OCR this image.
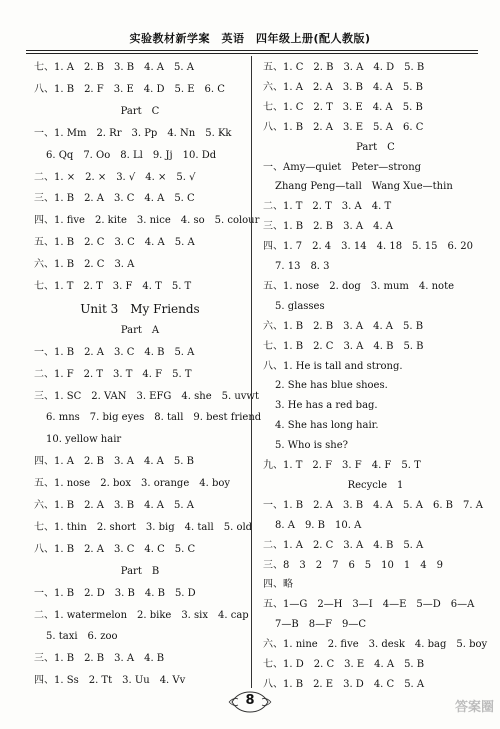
实验教材新学案　英语　四年级上册(配人教版)
七、1. A　2. B　3. B　4. A　5. A
八、1. B　2. F　3. E　4. D　5. E　6. C
Part　C
一、1. Mm　2. Rr　3. Pp　4. Nn　5. Kk
6. Qq　7. Oo　8. Ll　9. Jj　10. Dd
二、1. ×　2. ×　3. √　4. ×　5. √
三、1. B　2. A　3. C　4. A　5. C
四、1. five　2. kite　3. nice　4. so　5. colour
五、1. B　2. C　3. C　4. A　5. A
六、1. B　2. C　3. A
七、1. T　2. T　3. F　4. T　5. T
Unit 3　My Friends
Part　A
一、1. B　2. A　3. C　4. B　5. A
二、1. F　2. T　3. T　4. F　5. T
三、1. SC　2. VAN　3. EFG　4. she　5. uvwt
6. mns　7. big eyes　8. tall　9. best friend
10. yellow hair
四、1. A　2. B　3. A　4. A　5. B
五、1. nose　2. box　3. orange　4. boy
六、1. B　2. A　3. B　4. A　5. A
七、1. thin　2. short　3. big　4. tall　5. old
八、1. B　2. A　3. C　4. C　5. C
Part　B
一、1. B　2. D　3. B　4. B　5. D
二、1. watermelon　2. bike　3. six　4. cap
5. taxi　6. zoo
三、1. B　2. B　3. A　4. B
四、1. Ss　2. Tt　3. Uu　4. Vv
五、1. C　2. B　3. A　4. D　5. B
六、1. A　2. A　3. B　4. A　5. B
七、1. C　2. T　3. E　4. A　5. B
八、1. B　2. A　3. E　5. A　6. C
Part　C
一、Amy—quiet　Peter—strong
Zhang Peng—tall　Wang Xue—thin
二、1. T　2. T　3. A　4. T
三、1. B　2. B　3. A　4. A
四、1. 7　2. 4　3. 14　4. 18　5. 15　6. 20
7. 13　8. 3
五、1. nose　2. dog　3. mum　4. note
5. glasses
六、1. B　2. B　3. A　4. A　5. B
七、1. B　2. C　3. A　4. B　5. B
八、1. He is tall and strong.
2. She has blue shoes.
3. He has a red bag.
4. She has long hair.
5. Who is she?
九、1. T　2. F　3. F　4. F　5. T
Recycle　1
一、1. B　2. A　3. B　4. A　5. A　6. B　7. A
8. A　9. B　10. A
二、1. A　2. C　3. A　4. B　5. A
三、8　3　2　7　6　5　10　1　4　9
四、略
五、1—G　2—H　3—I　4—E　5—D　6—A
7—B　8—F　9—C
六、1. nine　2. five　3. desk　4. bag　5. boy
七、1. D　2. C　3. E　4. A　5. B
八、1. B　2. E　3. D　4. C　5. A
8	答案圈
